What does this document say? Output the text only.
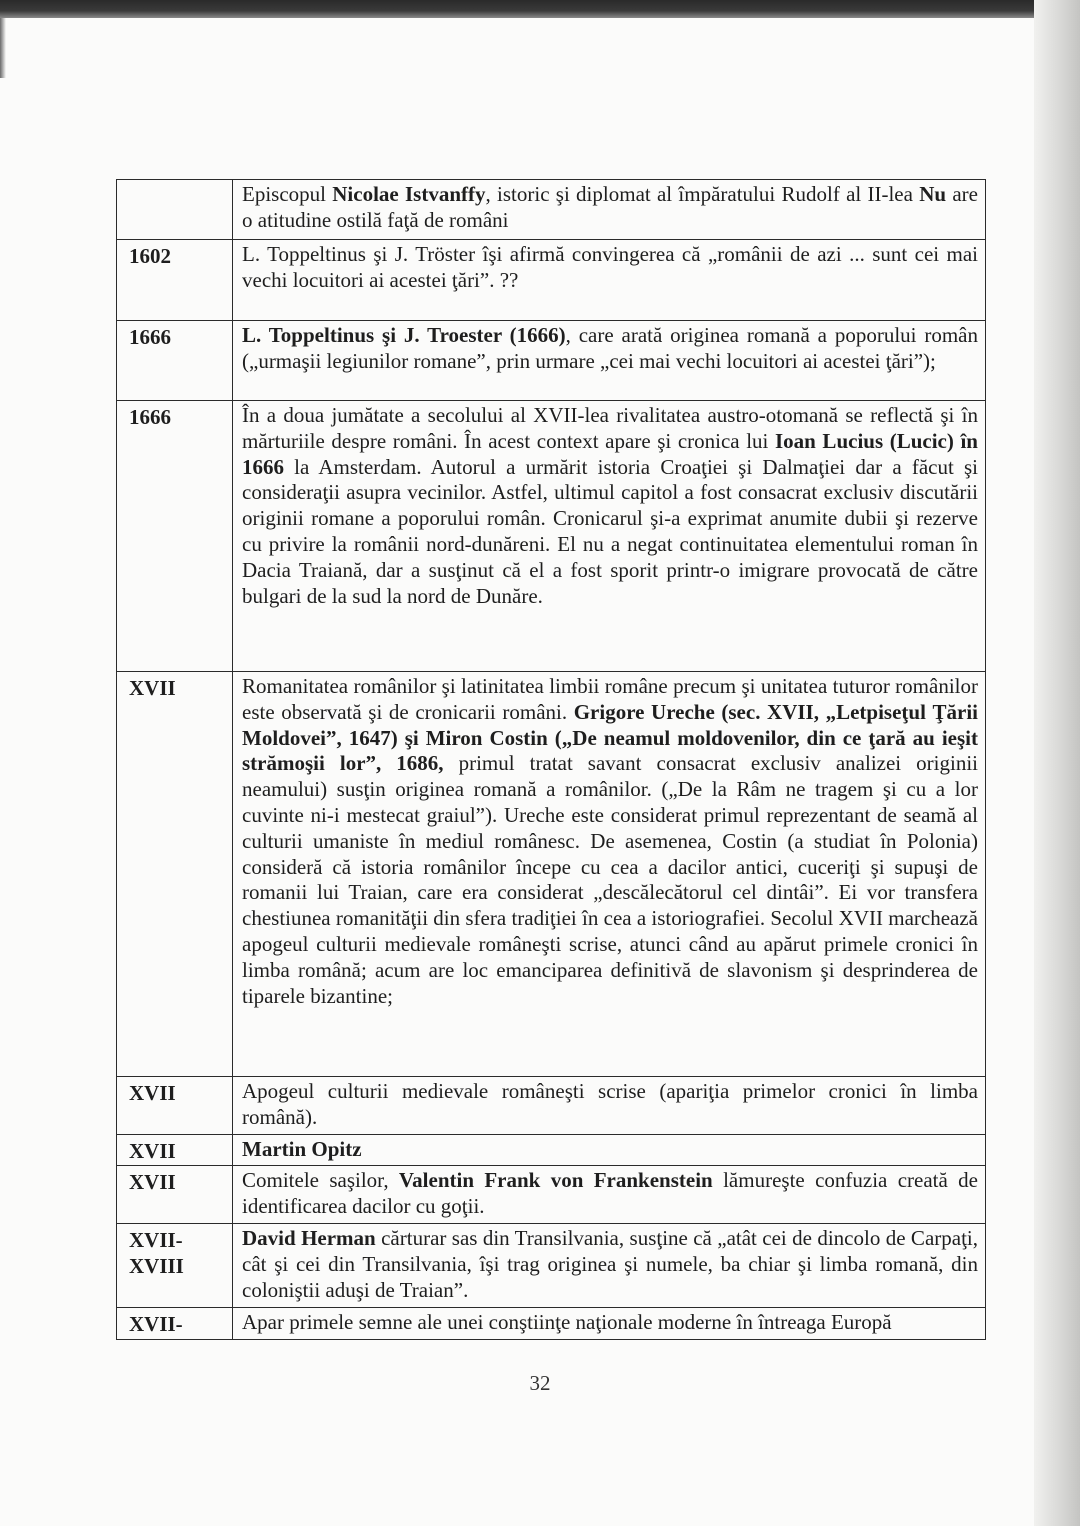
	Episcopul Nicolae Istvanffy, istoric şi diplomat al împăratului Rudolf al II-lea Nu are o atitudine ostilă faţă de români
1602	L. Toppeltinus şi J. Tröster îşi afirmă convingerea că „românii de azi ... sunt cei mai vechi locuitori ai acestei ţări”. ??
1666	L. Toppeltinus şi J. Troester (1666), care arată originea romană a poporului român („urmaşii legiunilor romane”, prin urmare „cei mai vechi locuitori ai acestei ţări”);
1666	În a doua jumătate a secolului al XVII-lea rivalitatea austro-otomană se reflectă şi în mărturiile despre români. În acest context apare şi cronica lui Ioan Lucius (Lucic) în 1666 la Amsterdam. Autorul a urmărit istoria Croaţiei şi Dalmaţiei dar a făcut şi consideraţii asupra vecinilor. Astfel, ultimul capitol a fost consacrat exclusiv discutării originii romane a poporului român. Cronicarul şi-a exprimat anumite dubii şi rezerve cu privire la românii nord-dunăreni. El nu a negat continuitatea elementului roman în Dacia Traiană, dar a susţinut că el a fost sporit printr-o imigrare provocată de către bulgari de la sud la nord de Dunăre.
XVII	Romanitatea românilor şi latinitatea limbii române precum şi unitatea tuturor românilor este observată şi de cronicarii români. Grigore Ureche (sec. XVII, „Letpiseţul Ţării Moldovei”, 1647) şi Miron Costin („De neamul moldovenilor, din ce ţară au ieşit strămoşii lor”, 1686, primul tratat savant consacrat exclusiv analizei originii neamului) susţin originea romană a românilor. („De la Râm ne tragem şi cu a lor cuvinte ni-i mestecat graiul”). Ureche este considerat primul reprezentant de seamă al culturii umaniste în mediul românesc. De asemenea, Costin (a studiat în Polonia) consideră că istoria românilor începe cu cea a dacilor antici, cuceriţi şi supuşi de romanii lui Traian, care era considerat „descălecătorul cel dintâi”. Ei vor transfera chestiunea romanităţii din sfera tradiţiei în cea a istoriografiei. Secolul XVII marchează apogeul culturii medievale româneşti scrise, atunci când au apărut primele cronici în limba română; acum are loc emanciparea definitivă de slavonism şi desprinderea de tiparele bizantine;
XVII	Apogeul culturii medievale româneşti scrise (apariţia primelor cronici în limba română).
XVII	Martin Opitz
XVII	Comitele saşilor, Valentin Frank von Frankenstein lămureşte confuzia creată de identificarea dacilor cu goţii.
XVII-XVIII	David Herman cărturar sas din Transilvania, susţine că „atât cei de dincolo de Carpaţi, cât şi cei din Transilvania, îşi trag originea şi numele, ba chiar şi limba romană, din coloniştii aduşi de Traian”.
XVII-	Apar primele semne ale unei conştiinţe naţionale moderne în întreaga Europă
32
